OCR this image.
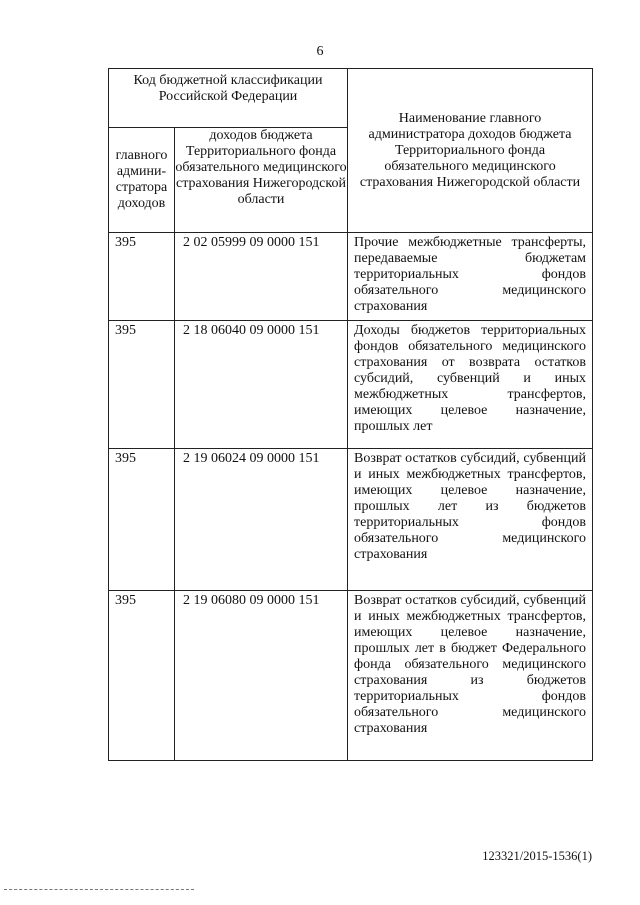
6
Код бюджетной классификации Российской Федерации		Наименование главного администратора доходов бюджета Территориального фонда обязательного медицинского страхования Нижегородской области
главного админи-стратора доходов	доходов бюджета Территориального фонда обязательного медицинского страхования Нижегородской области	
395	2 02 05999 09 0000 151	Прочие межбюджетные трансферты, передаваемые бюджетам территориальных фондов обязательного медицинского страхования
395	2 18 06040 09 0000 151	Доходы бюджетов территориальных фондов обязательного медицинского страхования от возврата остатков субсидий, субвенций и иных межбюджетных трансфертов, имеющих целевое назначение, прошлых лет
395	2 19 06024 09 0000 151	Возврат остатков субсидий, субвенций и иных межбюджетных трансфертов, имеющих целевое назначение, прошлых лет из бюджетов территориальных фондов обязательного медицинского страхования
395	2 19 06080 09 0000 151	Возврат остатков субсидий, субвенций и иных межбюджетных трансфертов, имеющих целевое назначение, прошлых лет в бюджет Федерального фонда обязательного медицинского страхования из бюджетов территориальных фондов обязательного медицинского страхования
123321/2015-1536(1)
